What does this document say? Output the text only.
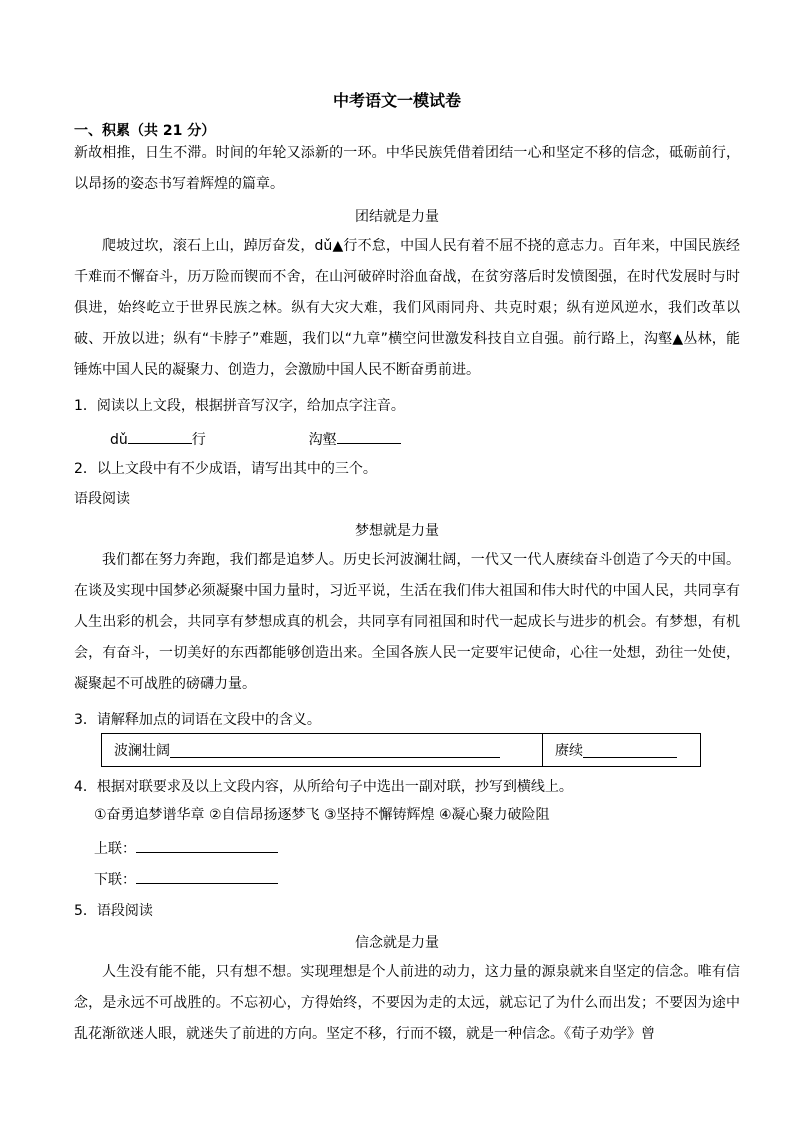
中考语文一模试卷
一、积累（共 21 分）

新故相推，日生不滞。时间的年轮又添新的一环。中华民族凭借着团结一心和坚定不移的信念，砥砺前行，以昂扬的姿态书写着辉煌的篇章。

团结就是力量

爬坡过坎，滚石上山，踔厉奋发，dǔ▲行不怠，中国人民有着不屈不挠的意志力。百年来，中国民族经千难而不懈奋斗，历万险而锲而不舍，在山河破碎时浴血奋战，在贫穷落后时发愤图强，在时代发展时与时俱进，始终屹立于世界民族之林。纵有大灾大难，我们风雨同舟、共克时艰；纵有逆风逆水，我们改革以破、开放以进；纵有“卡脖子”难题，我们以“九章”横空问世激发科技自立自强。前行路上，沟壑▲丛林，能锤炼中国人民的凝聚力、创造力，会激励中国人民不断奋勇前进。

1．阅读以上文段，根据拼音写汉字，给加点字注音。
dǔ	行	沟壑
2．以上文段中有不少成语，请写出其中的三个。
语段阅读
梦想就是力量

我们都在努力奔跑，我们都是追梦人。历史长河波澜壮阔，一代又一代人赓续奋斗创造了今天的中国。在谈及实现中国梦必须凝聚中国力量时，习近平说，生活在我们伟大祖国和伟大时代的中国人民，共同享有人生出彩的机会，共同享有梦想成真的机会，共同享有同祖国和时代一起成长与进步的机会。有梦想，有机会，有奋斗，一切美好的东西都能够创造出来。全国各族人民一定要牢记使命，心往一处想，劲往一处使，凝聚起不可战胜的磅礴力量。

3．请解释加点的词语在文段中的含义。
波澜壮阔	赓续
4．根据对联要求及以上文段内容，从所给句子中选出一副对联，抄写到横线上。
①奋勇追梦谱华章 ②自信昂扬逐梦飞 ③坚持不懈铸辉煌 ④凝心聚力破险阻
上联：
下联：
5．语段阅读
信念就是力量

人生没有能不能，只有想不想。实现理想是个人前进的动力，这力量的源泉就来自坚定的信念。唯有信念，是永远不可战胜的。不忘初心，方得始终，不要因为走的太远，就忘记了为什么而出发；不要因为途中乱花渐欲迷人眼，就迷失了前进的方向。坚定不移，行而不辍，就是一种信念。《荀子劝学》曾
